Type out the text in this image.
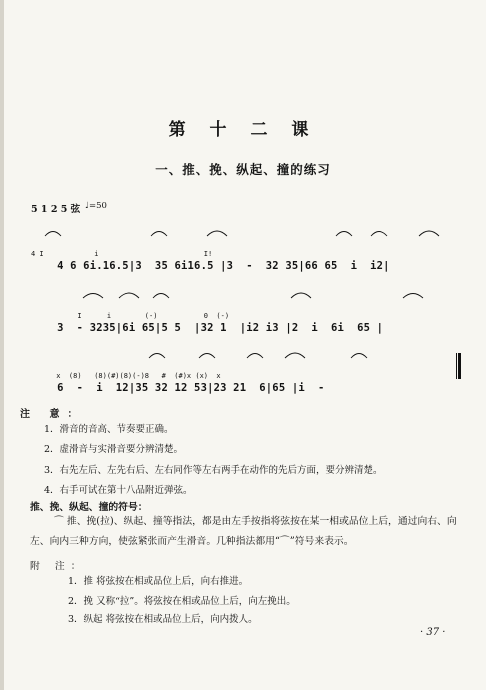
第 十 二 课
一、推、挽、纵起、撞的练习
5 1 2 5 弦 ♩=50

4 6 6i.16.5|3  35 6i16.5 |3  -  32 35|66 65  i  i2|

4 I            i                         I!

3  - 3235|6i 65|5 5  |32 1  |i2 i3 |2  i  6i  65 |

I      i        (-)           0  (-)

6  -  i  12|35 32 12 53|23 21  6|65 |i  -

x  (8)   (8)(#)(8)(-)8   #  (#)x (x)  x

注 意：
1．滑音的音高、节奏要正确。
2．虚滑音与实滑音要分辨清楚。
3．右先左后、左先右后、左右同作等左右两手在动作的先后方面，要分辨清楚。
4．右手可试在第十八品附近弹弦。
推、挽、纵起、撞的符号：
⌒ 推、挽(拉)、纵起、撞等指法，都是由左手按指将弦按在某一相或品位上后，通过向右、向左、向内三种方向，使弦紧张而产生滑音。几种指法都用“⌒”符号来表示。
附 注：
1．推 将弦按在相或品位上后，向右推进。
2．挽 又称“拉”。将弦按在相或品位上后，向左挽出。
3．纵起 将弦按在相或品位上后，向内拨人。
· 37 ·
